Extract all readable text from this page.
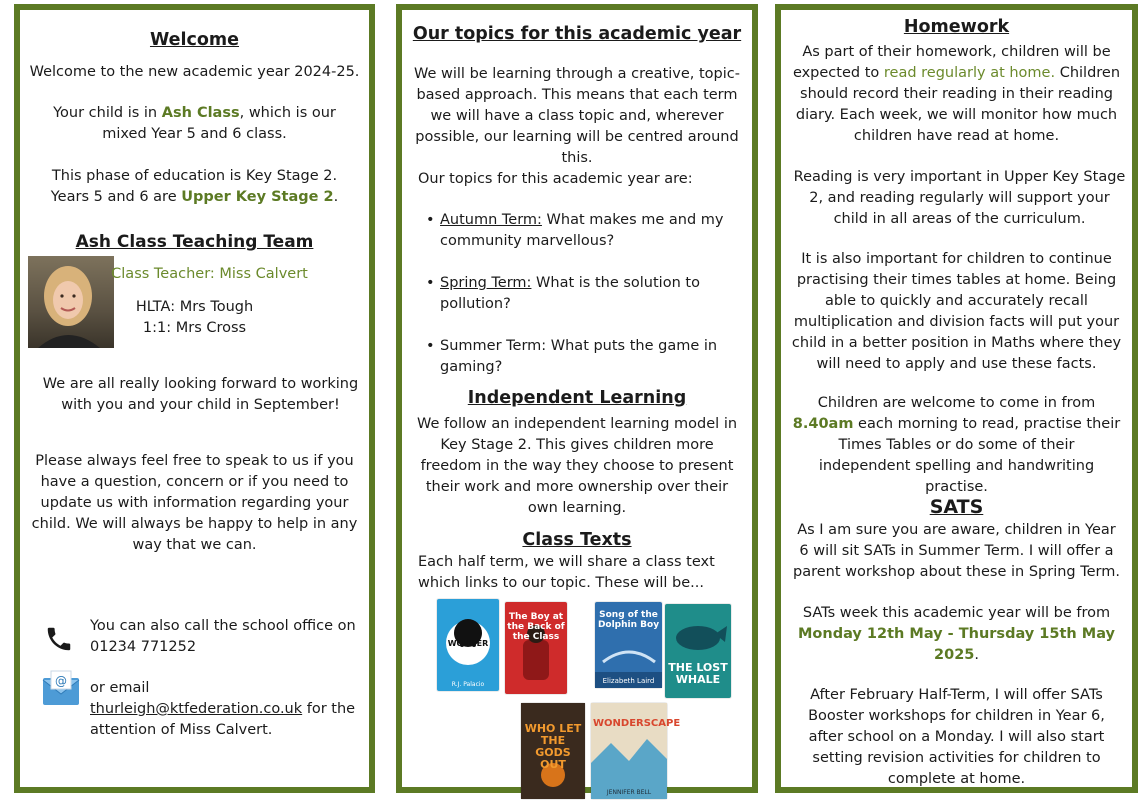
Welcome

Welcome to the new academic year 2024-25.

Your child is in Ash Class, which is our mixed Year 5 and 6 class.

This phase of education is Key Stage 2.
Years 5 and 6 are Upper Key Stage 2.

Ash Class Teaching Team

Class Teacher: Miss Calvert

HLTA: Mrs Tough

1:1: Mrs Cross

We are all really looking forward to working with you and your child in September!

Please always feel free to speak to us if you have a question, concern or if you need to update us with information regarding your child. We will always be happy to help in any way that we can.

You can also call the school office on 01234 771252

@ or email thurleigh@ktfederation.co.uk for the attention of Miss Calvert.

Our topics for this academic year

We will be learning through a creative, topic-based approach. This means that each term we will have a class topic and, wherever possible, our learning will be centred around this.

Our topics for this academic year are:

• Autumn Term: What makes me and my community marvellous?
• Spring Term: What is the solution to pollution?
• Summer Term: What puts the game in gaming?
Independent Learning

We follow an independent learning model in Key Stage 2. This gives children more freedom in the way they choose to present their work and more ownership over their own learning.

Class Texts

Each half term, we will share a class text which links to our topic. These will be...

WONDER
R.J. Palacio
The Boy at the Back of the Class
Song of the Dolphin Boy
Elizabeth Laird
THE LOST WHALE
WHO LET THE GODS OUT
WONDERSCAPE
JENNIFER BELL
Homework

As part of their homework, children will be expected to read regularly at home. Children should record their reading in their reading diary. Each week, we will monitor how much children have read at home.

Reading is very important in Upper Key Stage 2, and reading regularly will support your child in all areas of the curriculum.

It is also important for children to continue practising their times tables at home. Being able to quickly and accurately recall multiplication and division facts will put your child in a better position in Maths where they will need to apply and use these facts.

Children are welcome to come in from 8.40am each morning to read, practise their Times Tables or do some of their independent spelling and handwriting practise.

SATS

As I am sure you are aware, children in Year 6 will sit SATs in Summer Term. I will offer a parent workshop about these in Spring Term.

SATs week this academic year will be from Monday 12th May - Thursday 15th May 2025.

After February Half-Term, I will offer SATs Booster workshops for children in Year 6, after school on a Monday. I will also start setting revision activities for children to complete at home.
